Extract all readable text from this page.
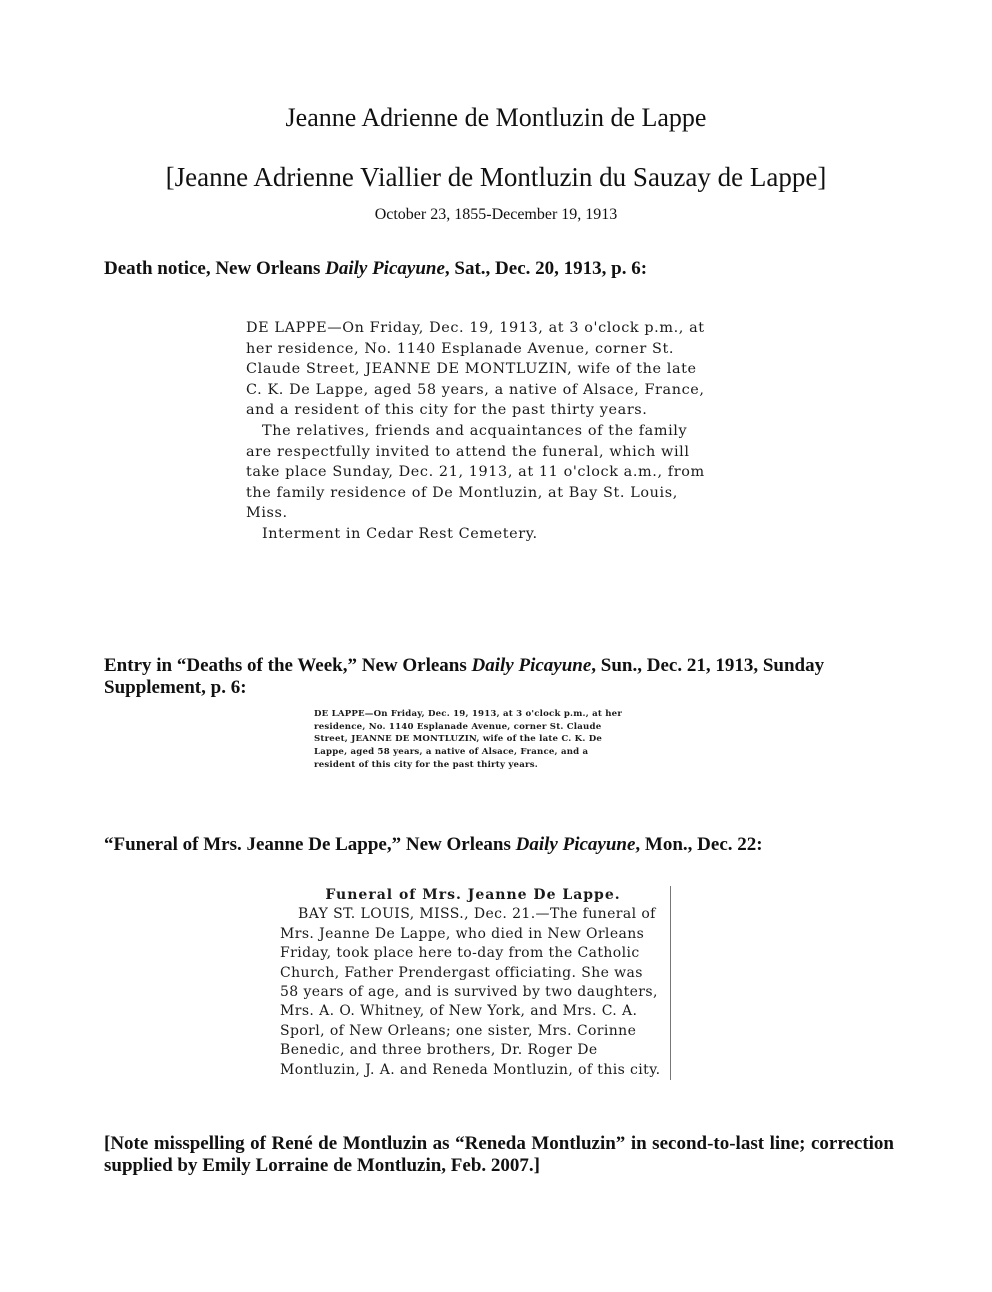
Jeanne Adrienne de Montluzin de Lappe
[Jeanne Adrienne Viallier de Montluzin du Sauzay de Lappe]
October 23, 1855-December 19, 1913
Death notice, New Orleans Daily Picayune, Sat., Dec. 20, 1913, p. 6:

DE LAPPE—On Friday, Dec. 19, 1913, at 3 o'clock p.m., at her residence, No. 1140 Esplanade Avenue, corner St. Claude Street, JEANNE DE MONTLUZIN, wife of the late C. K. De Lappe, aged 58 years, a native of Alsace, France, and a resident of this city for the past thirty years.

The relatives, friends and acquaintances of the family are respectfully invited to attend the funeral, which will take place Sunday, Dec. 21, 1913, at 11 o'clock a.m., from the family residence of De Montluzin, at Bay St. Louis, Miss.

Interment in Cedar Rest Cemetery.

Entry in “Deaths of the Week,” New Orleans Daily Picayune, Sun., Dec. 21, 1913, Sunday Supplement, p. 6:

DE LAPPE—On Friday, Dec. 19, 1913, at 3 o'clock p.m., at her residence, No. 1140 Esplanade Avenue, corner St. Claude Street, JEANNE DE MONTLUZIN, wife of the late C. K. De Lappe, aged 58 years, a native of Alsace, France, and a resident of this city for the past thirty years.

“Funeral of Mrs. Jeanne De Lappe,” New Orleans Daily Picayune, Mon., Dec. 22:

Funeral of Mrs. Jeanne De Lappe.

BAY ST. LOUIS, MISS., Dec. 21.—The funeral of Mrs. Jeanne De Lappe, who died in New Orleans Friday, took place here to-day from the Catholic Church, Father Prendergast officiating. She was 58 years of age, and is survived by two daughters, Mrs. A. O. Whitney, of New York, and Mrs. C. A. Sporl, of New Orleans; one sister, Mrs. Corinne Benedic, and three brothers, Dr. Roger De Montluzin, J. A. and Reneda Montluzin, of this city.

[Note misspelling of René de Montluzin as “Reneda Montluzin” in second-to-last line; correction supplied by Emily Lorraine de Montluzin, Feb. 2007.]
